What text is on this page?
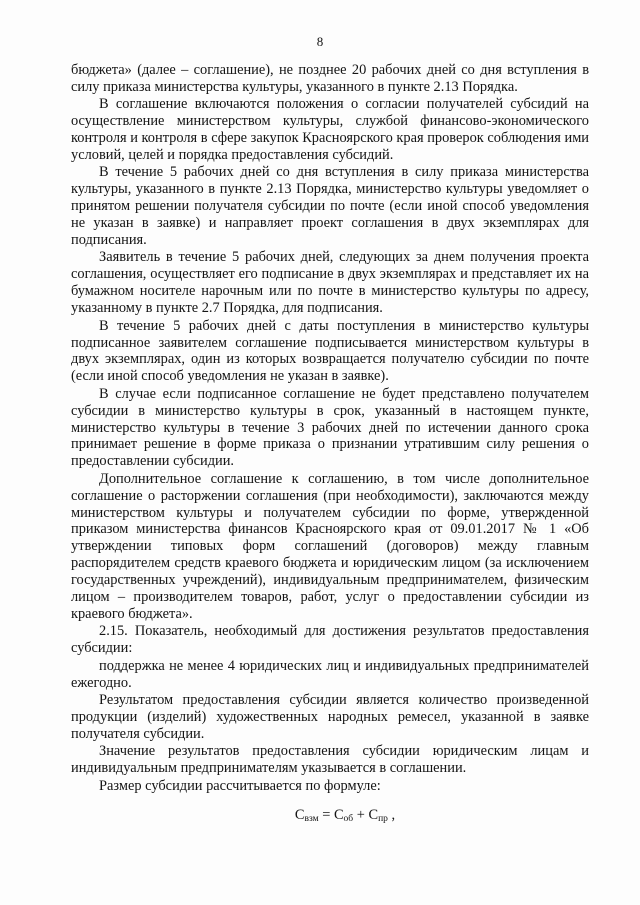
8

бюджета» (далее – соглашение), не позднее 20 рабочих дней со дня вступления в силу приказа министерства культуры, указанного в пункте 2.13 Порядка.

В соглашение включаются положения о согласии получателей субсидий на осуществление министерством культуры, службой финансово-экономического контроля и контроля в сфере закупок Красноярского края проверок соблюдения ими условий, целей и порядка предоставления субсидий.

В течение 5 рабочих дней со дня вступления в силу приказа министерства культуры, указанного в пункте 2.13 Порядка, министерство культуры уведомляет о принятом решении получателя субсидии по почте (если иной способ уведомления не указан в заявке) и направляет проект соглашения в двух экземплярах для подписания.

Заявитель в течение 5 рабочих дней, следующих за днем получения проекта соглашения, осуществляет его подписание в двух экземплярах и представляет их на бумажном носителе нарочным или по почте в министерство культуры по адресу, указанному в пункте 2.7 Порядка, для подписания.

В течение 5 рабочих дней с даты поступления в министерство культуры подписанное заявителем соглашение подписывается министерством культуры в двух экземплярах, один из которых возвращается получателю субсидии по почте (если иной способ уведомления не указан в заявке).

В случае если подписанное соглашение не будет представлено получателем субсидии в министерство культуры в срок, указанный в настоящем пункте, министерство культуры в течение 3 рабочих дней по истечении данного срока принимает решение в форме приказа о признании утратившим силу решения о предоставлении субсидии.

Дополнительное соглашение к соглашению, в том числе дополнительное соглашение о расторжении соглашения (при необходимости), заключаются между министерством культуры и получателем субсидии по форме, утвержденной приказом министерства финансов Красноярского края от 09.01.2017 № 1 «Об утверждении типовых форм соглашений (договоров) между главным распорядителем средств краевого бюджета и юридическим лицом (за исключением государственных учреждений), индивидуальным предпринимателем, физическим лицом – производителем товаров, работ, услуг о предоставлении субсидии из краевого бюджета».

2.15. Показатель, необходимый для достижения результатов предоставления субсидии:

поддержка не менее 4 юридических лиц и индивидуальных предпринимателей ежегодно.

Результатом предоставления субсидии является количество произведенной продукции (изделий) художественных народных ремесел, указанной в заявке получателя субсидии.

Значение результатов предоставления субсидии юридическим лицам и индивидуальным предпринимателям указывается в соглашении.

Размер субсидии рассчитывается по формуле:

$С_{взм} = С_{об} + С_{пр}$ ,
